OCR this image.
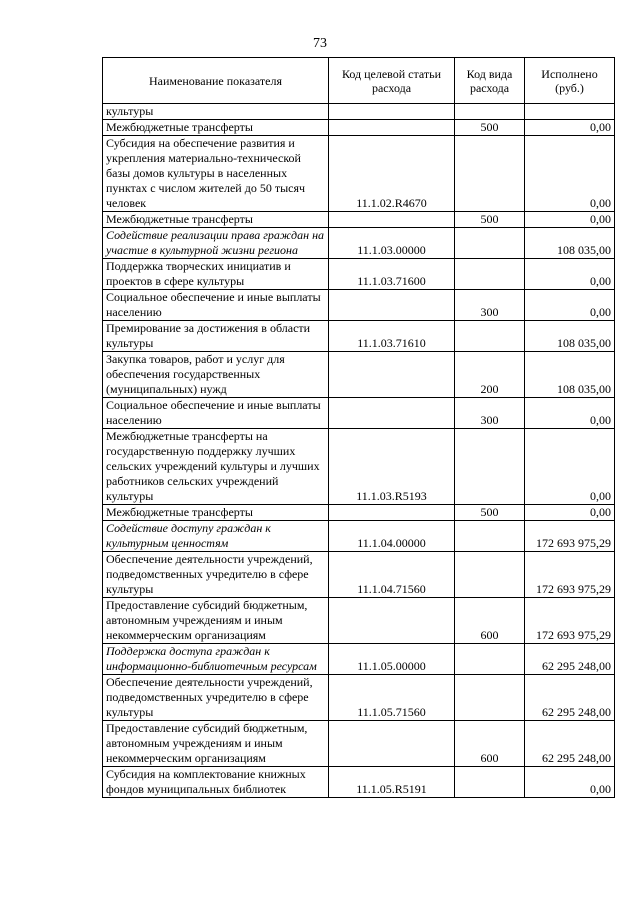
73
Наименование показателя	Код целевой статьи расхода	Код вида расхода	Исполнено (руб.)
культуры			
Межбюджетные трансферты		500	0,00
Субсидия на обеспечение развития и укрепления материально-технической базы домов культуры в населенных пунктах с числом жителей до 50 тысяч человек	11.1.02.R4670		0,00
Межбюджетные трансферты		500	0,00
Содействие реализации права граждан на участие в культурной жизни региона	11.1.03.00000		108 035,00
Поддержка творческих инициатив и проектов в сфере культуры	11.1.03.71600		0,00
Социальное обеспечение и иные выплаты населению		300	0,00
Премирование за достижения в области культуры	11.1.03.71610		108 035,00
Закупка товаров, работ и услуг для обеспечения государственных (муниципальных) нужд		200	108 035,00
Социальное обеспечение и иные выплаты населению		300	0,00
Межбюджетные трансферты на государственную поддержку лучших сельских учреждений культуры и лучших работников сельских учреждений культуры	11.1.03.R5193		0,00
Межбюджетные трансферты		500	0,00
Содействие доступу граждан к культурным ценностям	11.1.04.00000		172 693 975,29
Обеспечение деятельности учреждений, подведомственных учредителю в сфере культуры	11.1.04.71560		172 693 975,29
Предоставление субсидий бюджетным, автономным учреждениям и иным некоммерческим организациям		600	172 693 975,29
Поддержка доступа граждан к информационно-библиотечным ресурсам	11.1.05.00000		62 295 248,00
Обеспечение деятельности учреждений, подведомственных учредителю в сфере культуры	11.1.05.71560		62 295 248,00
Предоставление субсидий бюджетным, автономным учреждениям и иным некоммерческим организациям		600	62 295 248,00
Субсидия на комплектование книжных фондов муниципальных библиотек	11.1.05.R5191		0,00
